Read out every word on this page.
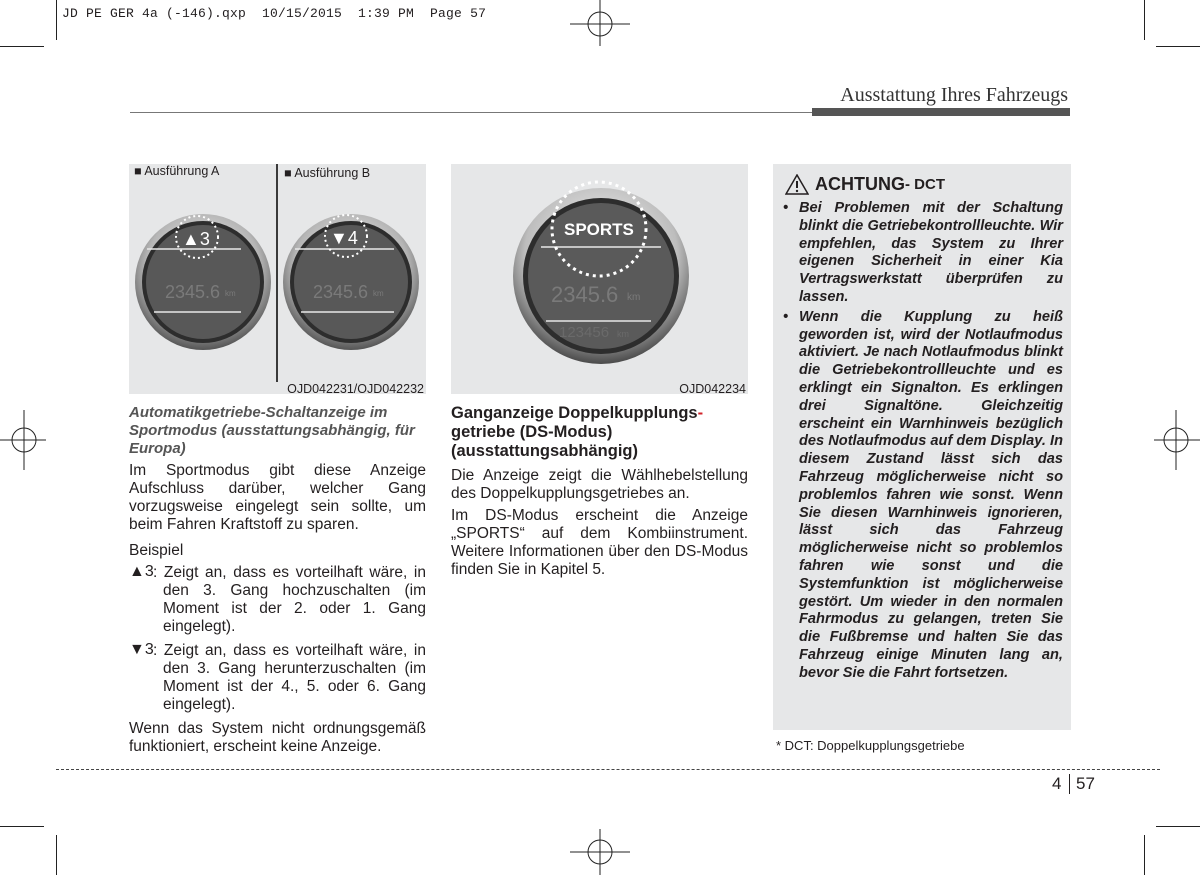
JD PE GER 4a (-146).qxp  10/15/2015  1:39 PM  Page 57
Ausstattung Ihres Fahrzeugs
■ Ausführung A	■ Ausführung B
▲3
2345.6 km
▼4
2345.6 km
OJD042231/OJD042232
SPORTS
2345.6 km
123456 km
OJD042234
Automatikgetriebe-Schaltanzeige im Sportmodus (ausstattungsabhängig, für Europa)
Im Sportmodus gibt diese Anzeige Aufschluss darüber, welcher Gang vorzugsweise eingelegt sein sollte, um beim Fahren Kraftstoff zu sparen.
Beispiel
▲3 : Zeigt an, dass es vorteilhaft wäre, in den 3. Gang hochzuschalten (im Moment ist der 2. oder 1. Gang eingelegt).
▼3 : Zeigt an, dass es vorteilhaft wäre, in den 3. Gang herunterzuschalten (im Moment ist der 4., 5. oder 6. Gang eingelegt).
Wenn das System nicht ordnungsgemäß funktioniert, erscheint keine Anzeige.
Ganganzeige Doppelkupplungs-
getriebe (DS-Modus) (ausstattungsabhängig)
Die Anzeige zeigt die Wählhebelstellung des Doppelkupplungsgetriebes an.
Im DS-Modus erscheint die Anzeige „SPORTS“ auf dem Kombiinstrument. Weitere Informationen über den DS-Modus finden Sie in Kapitel 5.
ACHTUNG - DCT
• Bei Problemen mit der Schaltung blinkt die Getriebekontrollleuchte. Wir empfehlen, das System zu Ihrer eigenen Sicherheit in einer Kia Vertragswerkstatt überprüfen zu lassen.
• Wenn die Kupplung zu heiß geworden ist, wird der Notlaufmodus aktiviert. Je nach Notlaufmodus blinkt die Getriebekontrollleuchte und es erklingt ein Signalton. Es erklingen drei Signaltöne. Gleichzeitig erscheint ein Warnhinweis bezüglich des Notlaufmodus auf dem Display. In diesem Zustand lässt sich das Fahrzeug möglicherweise nicht so problemlos fahren wie sonst. Wenn Sie diesen Warnhinweis ignorieren, lässt sich das Fahrzeug möglicherweise nicht so problemlos fahren wie sonst und die Systemfunktion ist möglicherweise gestört. Um wieder in den normalen Fahrmodus zu gelangen, treten Sie die Fußbremse und halten Sie das Fahrzeug einige Minuten lang an, bevor Sie die Fahrt fortsetzen.
* DCT: Doppelkupplungsgetriebe
4 57
